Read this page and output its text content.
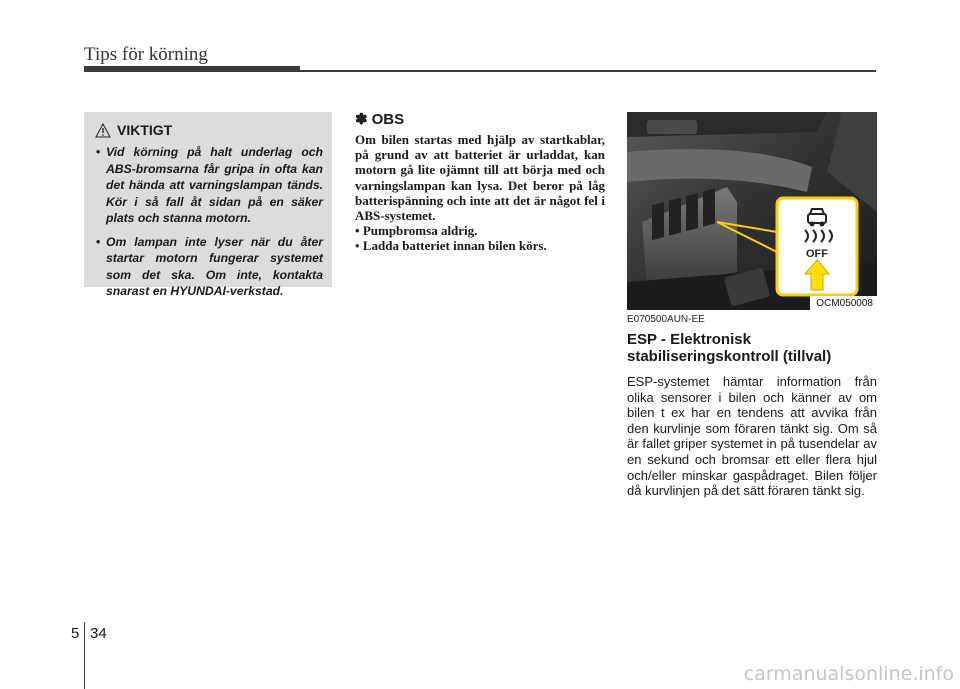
Tips för körning
VIKTIGT
• Vid körning på halt underlag och ABS-bromsarna får gripa in ofta kan det hända att varningslampan tänds. Kör i så fall åt sidan på en säker plats och stanna motorn.
• Om lampan inte lyser när du åter startar motorn fungerar systemet som det ska. Om inte, kontakta snarast en HYUNDAI-verkstad.
✽ OBS
Om bilen startas med hjälp av startkablar, på grund av att batteriet är urladdat, kan motorn gå lite ojämnt till att börja med och varningslampan kan lysa. Det beror på låg batterispänning och inte att det är något fel i ABS-systemet.
• Pumpbromsa aldrig.
• Ladda batteriet innan bilen körs.
OFF
OCM050008
E070500AUN-EE
ESP - Elektronisk stabiliseringskontroll (tillval)
ESP-systemet hämtar information från olika sensorer i bilen och känner av om bilen t ex har en tendens att avvika från den kurvlinje som föraren tänkt sig. Om så är fallet griper systemet in på tusendelar av en sekund och bromsar ett eller flera hjul och/eller minskar gaspådraget. Bilen följer då kurvlinjen på det sätt föraren tänkt sig.
5 34
carmanualsonline.info
